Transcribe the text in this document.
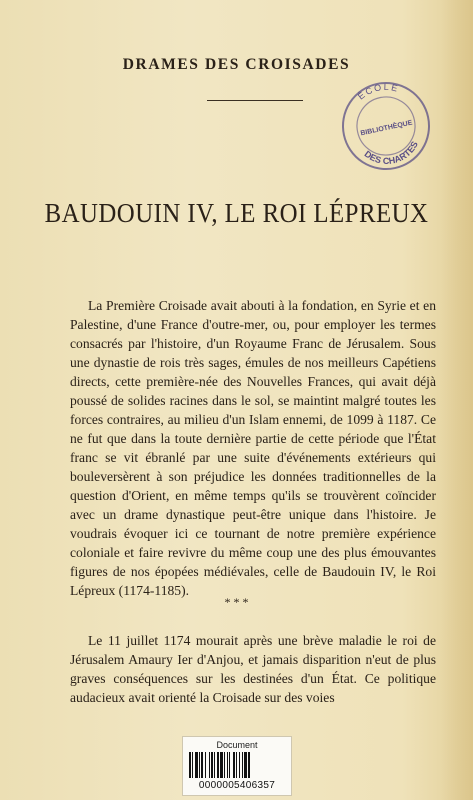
DRAMES DES CROISADES
ÉCOLE
BIBLIOTHÈQUE
DES CHARTES
BAUDOUIN IV, LE ROI LÉPREUX
La Première Croisade avait abouti à la fondation, en Syrie et en Palestine, d'une France d'outre-mer, ou, pour employer les termes consacrés par l'histoire, d'un Royaume Franc de Jérusalem. Sous une dynastie de rois très sages, émules de nos meilleurs Capétiens directs, cette première-née des Nouvelles Frances, qui avait déjà poussé de solides racines dans le sol, se maintint malgré toutes les forces contraires, au milieu d'un Islam ennemi, de 1099 à 1187. Ce ne fut que dans la toute dernière partie de cette période que l'État franc se vit ébranlé par une suite d'événements extérieurs qui bouleversèrent à son préjudice les données traditionnelles de la question d'Orient, en même temps qu'ils se trouvèrent coïncider avec un drame dynastique peut-être unique dans l'histoire. Je voudrais évoquer ici ce tournant de notre première expérience coloniale et faire revivre du même coup une des plus émouvantes figures de nos épopées médiévales, celle de Baudouin IV, le Roi Lépreux (1174-1185).
* * *
Le 11 juillet 1174 mourait après une brève maladie le roi de Jérusalem Amaury Ier d'Anjou, et jamais disparition n'eut de plus graves conséquences sur les destinées d'un État. Ce politique audacieux avait orienté la Croisade sur des voies
Document
0000005406357
